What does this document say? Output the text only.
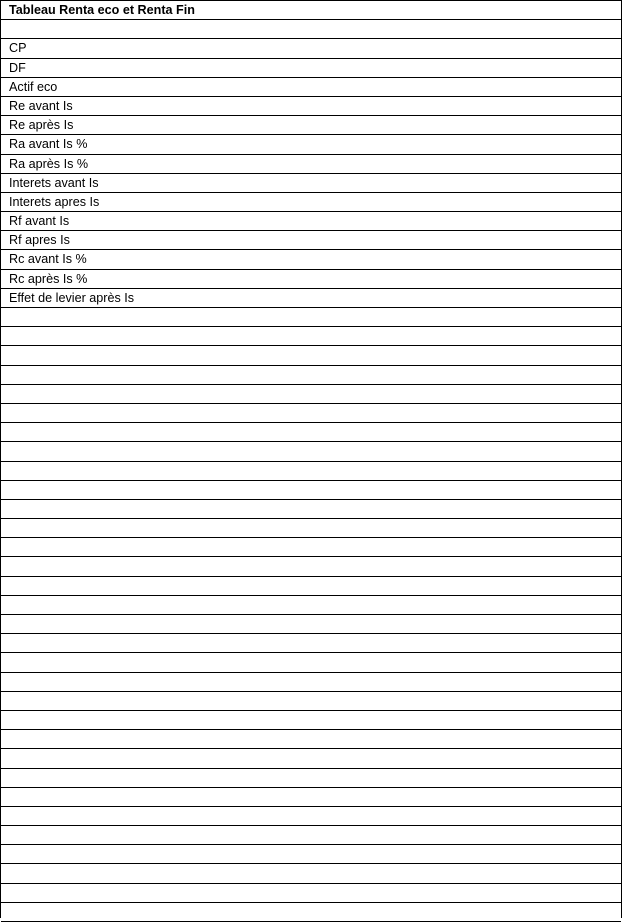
Tableau Renta eco et Renta Fin
CP
DF
Actif eco
Re avant Is
Re après Is
Ra avant Is %
Ra après Is %
Interets avant Is
Interets apres Is
Rf avant Is
Rf apres Is
Rc avant Is %
Rc après Is %
Effet de levier après Is
